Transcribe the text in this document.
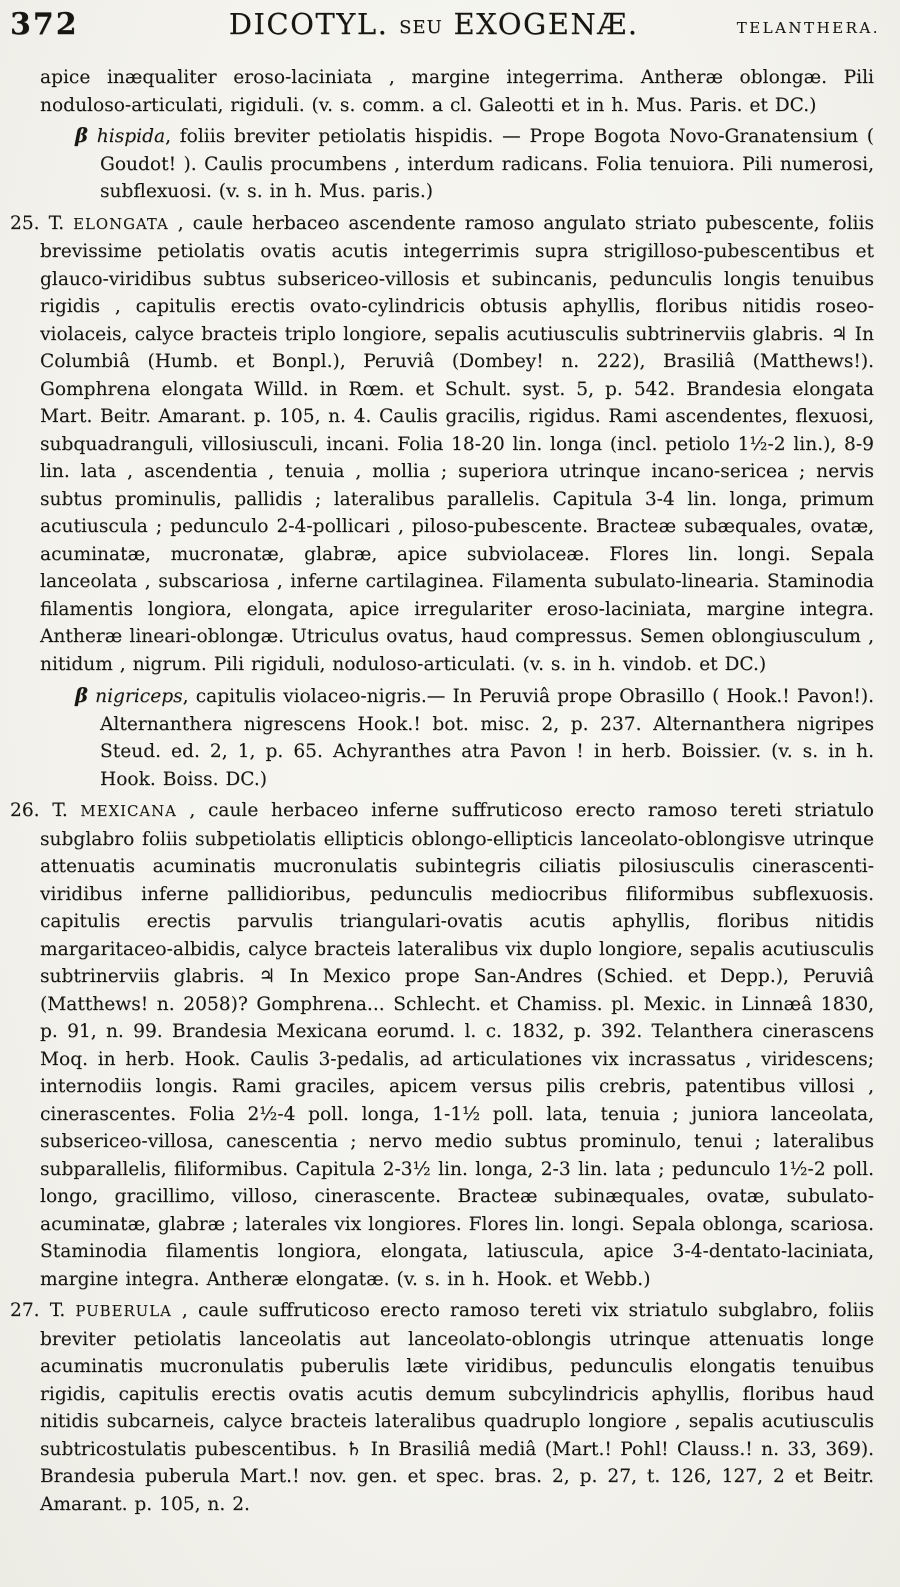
372	DICOTYL. SEU EXOGENÆ.	TELANTHERA.

apice inæqualiter eroso-laciniata , margine integerrima. Antheræ oblongæ. Pili noduloso-articulati, rigiduli. (v. s. comm. a cl. Galeotti et in h. Mus. Paris. et DC.)

β hispida, foliis breviter petiolatis hispidis. — Prope Bogota Novo-Granatensium ( Goudot! ). Caulis procumbens , interdum radicans. Folia tenuiora. Pili numerosi, subflexuosi. (v. s. in h. Mus. paris.)

25. T. ELONGATA , caule herbaceo ascendente ramoso angulato striato pubescente, foliis brevissime petiolatis ovatis acutis integerrimis supra strigilloso-pubescentibus et glauco-viridibus subtus subsericeo-villosis et subincanis, pedunculis longis tenuibus rigidis , capitulis erectis ovato-cylindricis obtusis aphyllis, floribus nitidis roseo-violaceis, calyce bracteis triplo longiore, sepalis acutiusculis subtrinerviis glabris. ♃ In Columbiâ (Humb. et Bonpl.), Peruviâ (Dombey! n. 222), Brasiliâ (Matthews!). Gomphrena elongata Willd. in Rœm. et Schult. syst. 5, p. 542. Brandesia elongata Mart. Beitr. Amarant. p. 105, n. 4. Caulis gracilis, rigidus. Rami ascendentes, flexuosi, subquadranguli, villosiusculi, incani. Folia 18-20 lin. longa (incl. petiolo 1½-2 lin.), 8-9 lin. lata , ascendentia , tenuia , mollia ; superiora utrinque incano-sericea ; nervis subtus prominulis, pallidis ; lateralibus parallelis. Capitula 3-4 lin. longa, primum acutiuscula ; pedunculo 2-4-pollicari , piloso-pubescente. Bracteæ subæquales, ovatæ, acuminatæ, mucronatæ, glabræ, apice subviolaceæ. Flores lin. longi. Sepala lanceolata , subscariosa , inferne cartilaginea. Filamenta subulato-linearia. Staminodia filamentis longiora, elongata, apice irregulariter eroso-laciniata, margine integra. Antheræ lineari-oblongæ. Utriculus ovatus, haud compressus. Semen oblongiusculum , nitidum , nigrum. Pili rigiduli, noduloso-articulati. (v. s. in h. vindob. et DC.)

β nigriceps, capitulis violaceo-nigris.— In Peruviâ prope Obrasillo ( Hook.! Pavon!). Alternanthera nigrescens Hook.! bot. misc. 2, p. 237. Alternanthera nigripes Steud. ed. 2, 1, p. 65. Achyranthes atra Pavon ! in herb. Boissier. (v. s. in h. Hook. Boiss. DC.)

26. T. MEXICANA , caule herbaceo inferne suffruticoso erecto ramoso tereti striatulo subglabro foliis subpetiolatis ellipticis oblongo-ellipticis lanceolato-oblongisve utrinque attenuatis acuminatis mucronulatis subintegris ciliatis pilosiusculis cinerascenti-viridibus inferne pallidioribus, pedunculis mediocribus filiformibus subflexuosis. capitulis erectis parvulis triangulari-ovatis acutis aphyllis, floribus nitidis margaritaceo-albidis, calyce bracteis lateralibus vix duplo longiore, sepalis acutiusculis subtrinerviis glabris. ♃ In Mexico prope San-Andres (Schied. et Depp.), Peruviâ (Matthews! n. 2058)? Gomphrena... Schlecht. et Chamiss. pl. Mexic. in Linnæâ 1830, p. 91, n. 99. Brandesia Mexicana eorumd. l. c. 1832, p. 392. Telanthera cinerascens Moq. in herb. Hook. Caulis 3-pedalis, ad articulationes vix incrassatus , viridescens; internodiis longis. Rami graciles, apicem versus pilis crebris, patentibus villosi , cinerascentes. Folia 2½-4 poll. longa, 1-1½ poll. lata, tenuia ; juniora lanceolata, subsericeo-villosa, canescentia ; nervo medio subtus prominulo, tenui ; lateralibus subparallelis, filiformibus. Capitula 2-3½ lin. longa, 2-3 lin. lata ; pedunculo 1½-2 poll. longo, gracillimo, villoso, cinerascente. Bracteæ subinæquales, ovatæ, subulato-acuminatæ, glabræ ; laterales vix longiores. Flores lin. longi. Sepala oblonga, scariosa. Staminodia filamentis longiora, elongata, latiuscula, apice 3-4-dentato-laciniata, margine integra. Antheræ elongatæ. (v. s. in h. Hook. et Webb.)

27. T. PUBERULA , caule suffruticoso erecto ramoso tereti vix striatulo subglabro, foliis breviter petiolatis lanceolatis aut lanceolato-oblongis utrinque attenuatis longe acuminatis mucronulatis puberulis læte viridibus, pedunculis elongatis tenuibus rigidis, capitulis erectis ovatis acutis demum subcylindricis aphyllis, floribus haud nitidis subcarneis, calyce bracteis lateralibus quadruplo longiore , sepalis acutiusculis subtricostulatis pubescentibus. ♄ In Brasiliâ mediâ (Mart.! Pohl! Clauss.! n. 33, 369). Brandesia puberula Mart.! nov. gen. et spec. bras. 2, p. 27, t. 126, 127, 2 et Beitr. Amarant. p. 105, n. 2.
